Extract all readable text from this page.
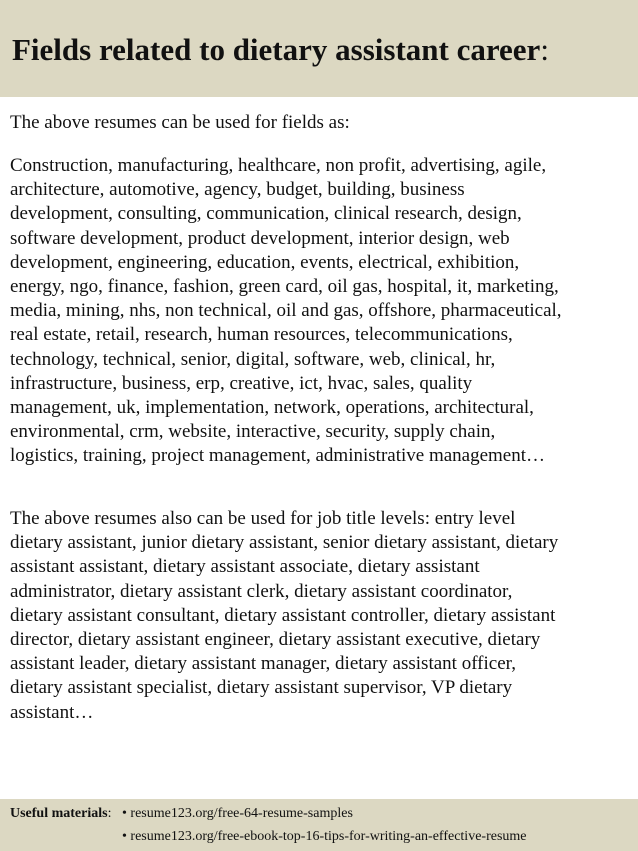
Fields related to dietary assistant career:

The above resumes can be used for fields as:

Construction, manufacturing, healthcare, non profit, advertising, agile,
architecture, automotive, agency, budget, building, business
development, consulting, communication, clinical research, design,
software development, product development, interior design, web
development, engineering, education, events, electrical, exhibition,
energy, ngo, finance, fashion, green card, oil gas, hospital, it, marketing,
media, mining, nhs, non technical, oil and gas, offshore, pharmaceutical,
real estate, retail, research, human resources, telecommunications,
technology, technical, senior, digital, software, web, clinical, hr,
infrastructure, business, erp, creative, ict, hvac, sales, quality
management, uk, implementation, network, operations, architectural,
environmental, crm, website, interactive, security, supply chain,
logistics, training, project management, administrative management…
The above resumes also can be used for job title levels: entry level
dietary assistant, junior dietary assistant, senior dietary assistant, dietary
assistant assistant, dietary assistant associate, dietary assistant
administrator, dietary assistant clerk, dietary assistant coordinator,
dietary assistant consultant, dietary assistant controller, dietary assistant
director, dietary assistant engineer, dietary assistant executive, dietary
assistant leader, dietary assistant manager, dietary assistant officer,
dietary assistant specialist, dietary assistant supervisor, VP dietary
assistant…
Useful materials: • resume123.org/free-64-resume-samples
• resume123.org/free-ebook-top-16-tips-for-writing-an-effective-resume
